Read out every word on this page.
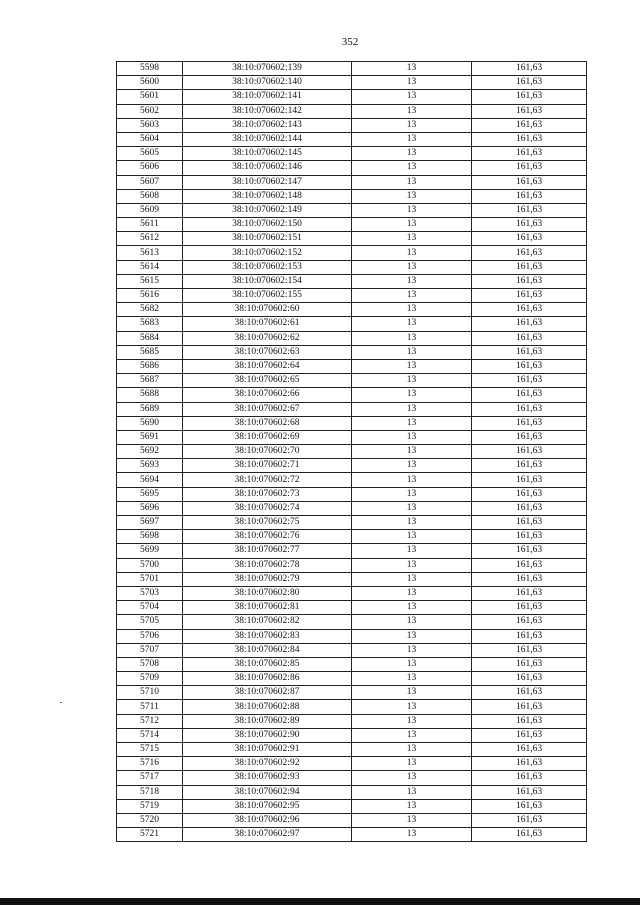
352
5598	38:10:070602:139	13	161,63
5600	38:10:070602:140	13	161,63
5601	38:10:070602:141	13	161,63
5602	38:10:070602:142	13	161,63
5603	38:10:070602:143	13	161,63
5604	38:10:070602:144	13	161,63
5605	38:10:070602:145	13	161,63
5606	38:10:070602:146	13	161,63
5607	38:10:070602:147	13	161,63
5608	38:10:070602:148	13	161,63
5609	38:10:070602:149	13	161,63
5611	38:10:070602:150	13	161,63
5612	38:10:070602:151	13	161,63
5613	38:10:070602:152	13	161,63
5614	38:10:070602:153	13	161,63
5615	38:10:070602:154	13	161,63
5616	38:10:070602:155	13	161,63
5682	38:10:070602:60	13	161,63
5683	38:10:070602:61	13	161,63
5684	38:10:070602:62	13	161,63
5685	38:10:070602:63	13	161,63
5686	38:10:070602:64	13	161,63
5687	38:10:070602:65	13	161,63
5688	38:10:070602:66	13	161,63
5689	38:10:070602:67	13	161,63
5690	38:10:070602:68	13	161,63
5691	38:10:070602:69	13	161,63
5692	38:10:070602:70	13	161,63
5693	38:10:070602:71	13	161,63
5694	38:10:070602:72	13	161,63
5695	38:10:070602:73	13	161,63
5696	38:10:070602:74	13	161,63
5697	38:10:070602:75	13	161,63
5698	38:10:070602:76	13	161,63
5699	38:10:070602:77	13	161,63
5700	38:10:070602:78	13	161,63
5701	38:10:070602:79	13	161,63
5703	38:10:070602:80	13	161,63
5704	38:10:070602:81	13	161,63
5705	38:10:070602:82	13	161,63
5706	38:10:070602:83	13	161,63
5707	38:10:070602:84	13	161,63
5708	38:10:070602:85	13	161,63
5709	38:10:070602:86	13	161,63
5710	38:10:070602:87	13	161,63
5711	38:10:070602:88	13	161,63
5712	38:10:070602:89	13	161,63
5714	38:10:070602:90	13	161,63
5715	38:10:070602:91	13	161,63
5716	38:10:070602:92	13	161,63
5717	38:10:070602:93	13	161,63
5718	38:10:070602:94	13	161,63
5719	38:10:070602:95	13	161,63
5720	38:10:070602:96	13	161,63
5721	38:10:070602:97	13	161,63
